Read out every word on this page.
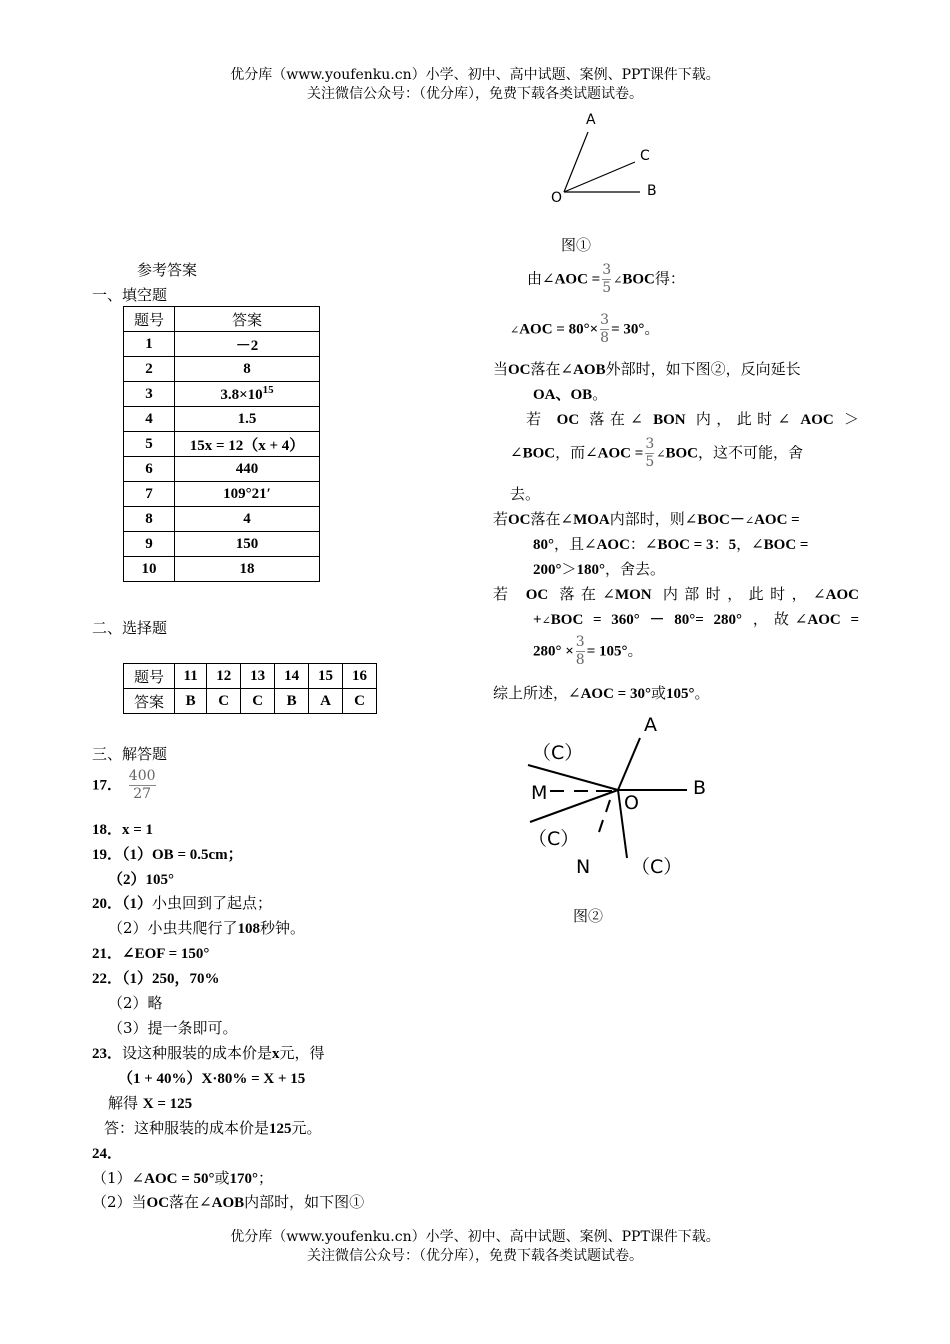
优分库（www.youfenku.cn）小学、初中、高中试题、案例、PPT课件下载。
关注微信公众号：（优分库），免费下载各类试题试卷。
优分库（www.youfenku.cn）小学、初中、高中试题、案例、PPT课件下载。
关注微信公众号：（优分库），免费下载各类试题试卷。
参考答案
一、填空题
题号	答案
1	－2
2	8
3	$3.8\times 10^{15}$
4	1.5
5	15x = 12（x + 4）
6	440
7	109°21′
8	4
9	150
10	18
二、选择题
题号	11	12	13	14	15	16
答案	B	C	C	B	A	C
三、解答题
17． $\frac{400}{27}$
18．x = 1
19．（1）OB = 0.5cm；
（2）105°
20．（1）小虫回到了起点；
（2）小虫共爬行了108秒钟。
21．∠EOF = 150°
22．（1）250，70%
（2）略
（3）提一条即可。
23．设这种服装的成本价是x元，得
（1 + 40%）X·80% = X + 15
解得 X = 125
答：这种服装的成本价是125元。
24．
（1）∠AOC = 50°或170°；
（2）当OC落在∠AOB内部时，如下图①
A
C
O	B
图①
由∠AOC = $\frac{3}{5}$ ∠BOC得：
∠AOC = $80^\circ\times \frac{3}{8} = 30^\circ$。
当OC落在∠AOB外部时，如下图②，反向延长
OA、OB。
若 OC 落在∠ BON 内，此时∠ AOC ＞
∠BOC，而∠AOC = $\frac{3}{5}$ ∠BOC，这不可能，舍
去。
若OC落在∠MOA内部时，则∠BOC－∠AOC =
80°，且∠AOC：∠BOC = 3：5，∠BOC =
200°＞180°，舍去。
若 OC 落在∠MON 内部时，此时，∠AOC
+∠BOC = 360° － 80°= 280° ，故∠AOC =
$280^\circ \times \frac{3}{8} = 105^\circ$。
综上所述，∠AOC = 30°或105°。
A
B
O
M
N
（C）
（C）
（C）
图②
